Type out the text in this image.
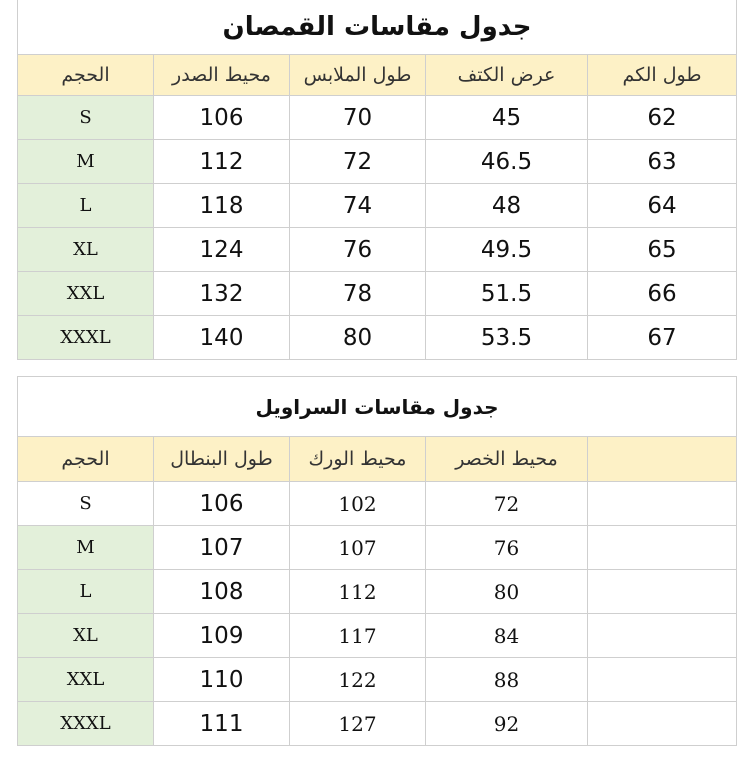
جدول مقاسات القمصان				
الحجم	محيط الصدر	طول الملابس	عرض الكتف	طول الكم
S	106	70	45	62
M	112	72	46.5	63
L	118	74	48	64
XL	124	76	49.5	65
XXL	132	78	51.5	66
XXXL	140	80	53.5	67
جدول مقاسات السراويل				
الحجم	طول البنطال	محيط الورك	محيط الخصر	
S	106	102	72	
M	107	107	76	
L	108	112	80	
XL	109	117	84	
XXL	110	122	88	
XXXL	111	127	92	
